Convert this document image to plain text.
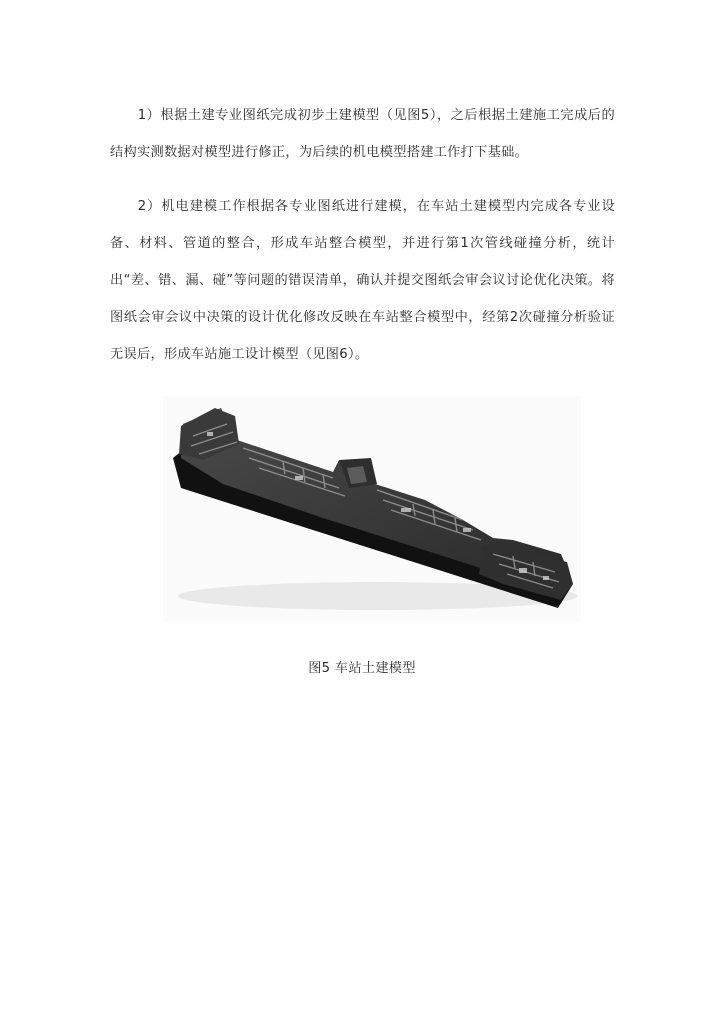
1）根据土建专业图纸完成初步土建模型（见图5），之后根据土建施工完成后的结构实测数据对模型进行修正，为后续的机电模型搭建工作打下基础。

2）机电建模工作根据各专业图纸进行建模，在车站土建模型内完成各专业设备、材料、管道的整合，形成车站整合模型，并进行第1次管线碰撞分析，统计出“差、错、漏、碰”等问题的错误清单，确认并提交图纸会审会议讨论优化决策。将图纸会审会议中决策的设计优化修改反映在车站整合模型中，经第2次碰撞分析验证无误后，形成车站施工设计模型（见图6）。

图5 车站土建模型
